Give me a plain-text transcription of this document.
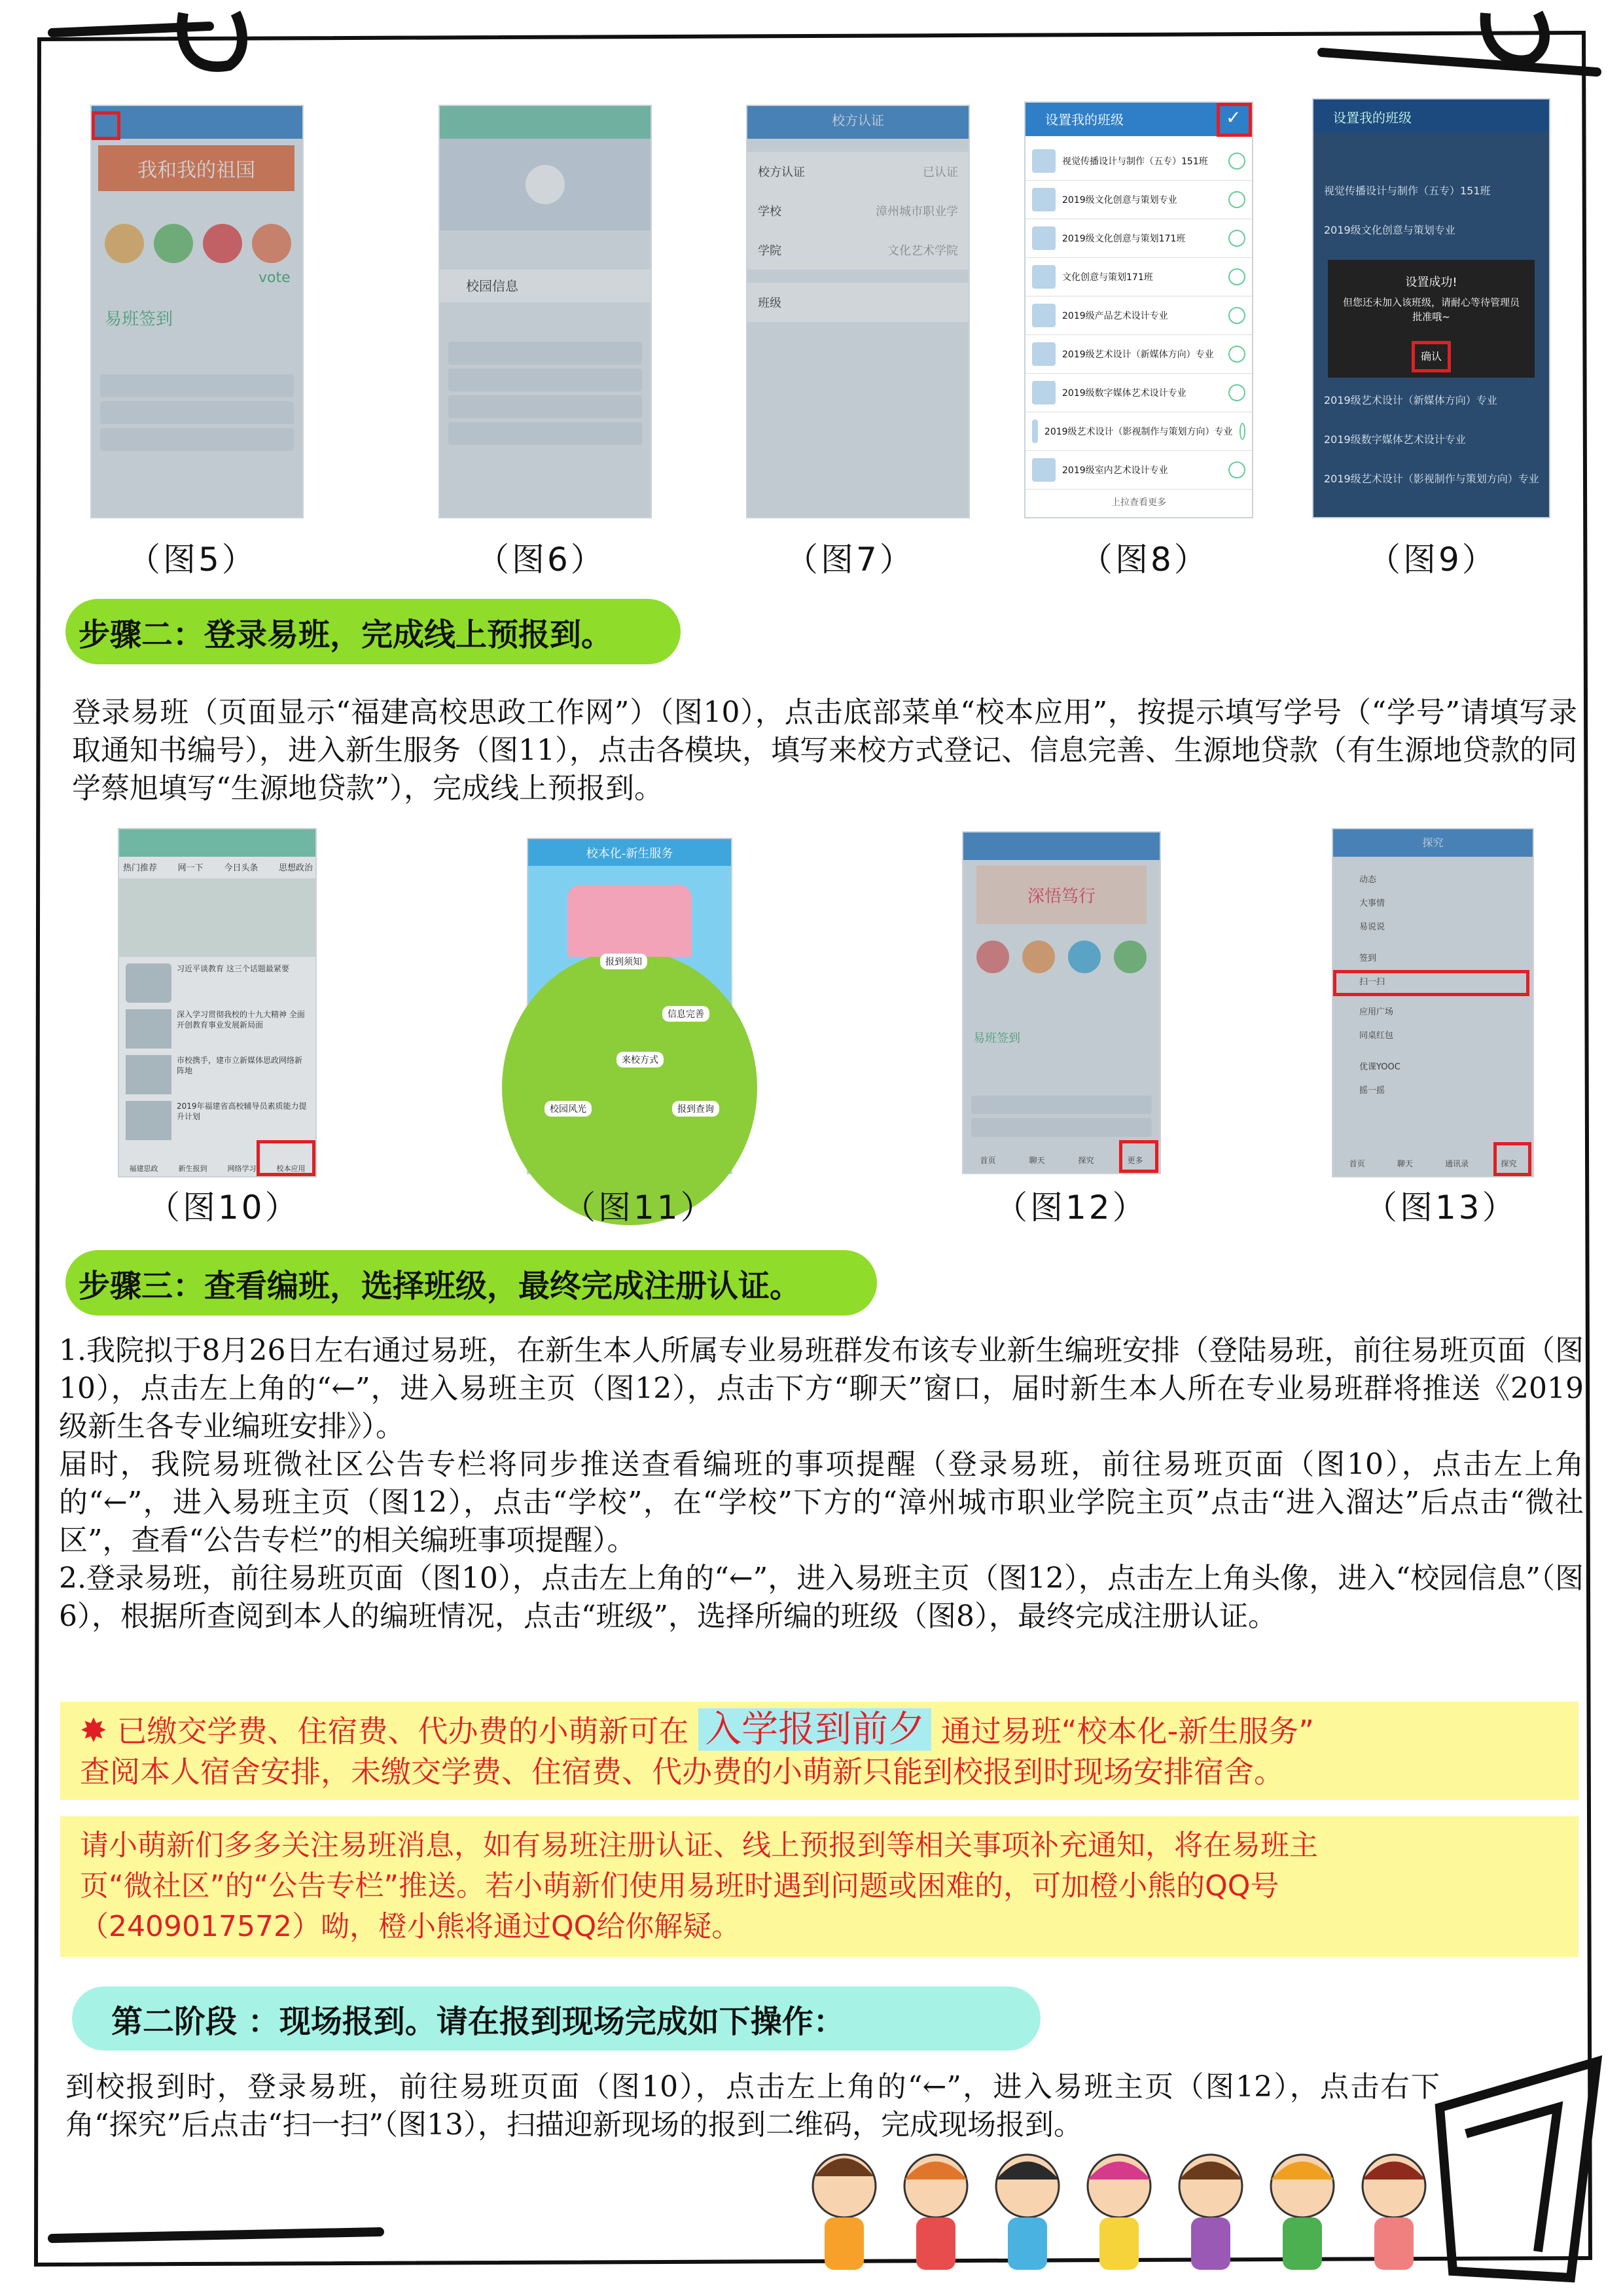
我和我的祖国
易班签到
vote	校园信息
校方认证
校方认证	已认证
学校	漳州城市职业学
学院	文化艺术学院
班级
设置我的班级
视觉传播设计与制作（五专）151班
2019级文化创意与策划专业
2019级文化创意与策划171班
文化创意与策划171班
2019级产品艺术设计专业
2019级艺术设计（新媒体方向）专业
2019级数字媒体艺术设计专业
2019级艺术设计（影视制作与策划方向）专业
2019级室内艺术设计专业
上拉查看更多
✓	设置我的班级
视觉传播设计与制作（五专）151班
2019级文化创意与策划专业
2019级艺术设计（新媒体方向）专业
2019级数字媒体艺术设计专业
2019级艺术设计（影视制作与策划方向）专业
设置成功!
但您还未加入该班级，请耐心等待管理员批准哦~
确认
（图5）	（图6）	（图7）	（图8）	（图9）
步骤二：登录易班，完成线上预报到。
登录易班（页面显示“福建高校思政工作网”）（图10），点击底部菜单“校本应用”，按提示填写学号（“学号”请填写录取通知书编号），进入新生服务（图11），点击各模块，填写来校方式登记、信息完善、生源地贷款（有生源地贷款的同学蔡旭填写“生源地贷款”），完成线上预报到。
热门推荐 网一下 今日头条 思想政治
习近平谈教育 这三个话题最紧要
深入学习贯彻我校的十九大精神 全面开创教育事业发展新局面
市校携手，建市立新媒体思政网络新阵地
2019年福建省高校辅导员素质能力提升计划
福建思政	新生报到	网络学习	校本应用
校本化-新生服务
报到须知
信息完善
来校方式
校园风光	报到查询
深悟笃行
易班签到
首页	聊天	探究	更多
探究
动态
大事情
易说说
签到
扫一扫
应用广场
同桌红包
优课YOOC
摇一摇
首页	聊天	通讯录	探究
（图10）	（图11）	（图12）	（图13）
步骤三：查看编班，选择班级，最终完成注册认证。

1.我院拟于8月26日左右通过易班，在新生本人所属专业易班群发布该专业新生编班安排（登陆易班，前往易班页面（图10），点击左上角的“←”，进入易班主页（图12），点击下方“聊天”窗口，届时新生本人所在专业易班群将推送《2019级新生各专业编班安排》）。

届时，我院易班微社区公告专栏将同步推送查看编班的事项提醒（登录易班，前往易班页面（图10），点击左上角的“←”，进入易班主页（图12），点击“学校”，在“学校”下方的“漳州城市职业学院主页”点击“进入溜达”后点击“微社区”，查看“公告专栏”的相关编班事项提醒）。

2.登录易班，前往易班页面（图10），点击左上角的“←”，进入易班主页（图12），点击左上角头像，进入“校园信息”（图6），根据所查阅到本人的编班情况，点击“班级”，选择所编的班级（图8），最终完成注册认证。

✸ 已缴交学费、住宿费、代办费的小萌新可在 入学报到前夕 通过易班“校本化-新生服务”
查阅本人宿舍安排，未缴交学费、住宿费、代办费的小萌新只能到校报到时现场安排宿舍。
请小萌新们多多关注易班消息，如有易班注册认证、线上预报到等相关事项补充通知，将在易班主
页“微社区”的“公告专栏”推送。若小萌新们使用易班时遇到问题或困难的，可加橙小熊的QQ号
（2409017572）呦，橙小熊将通过QQ给你解疑。
第二阶段 ：现场报到。请在报到现场完成如下操作：
到校报到时，登录易班，前往易班页面（图10），点击左上角的“←”，进入易班主页（图12），点击右下角“探究”后点击“扫一扫”（图13），扫描迎新现场的报到二维码，完成现场报到。
